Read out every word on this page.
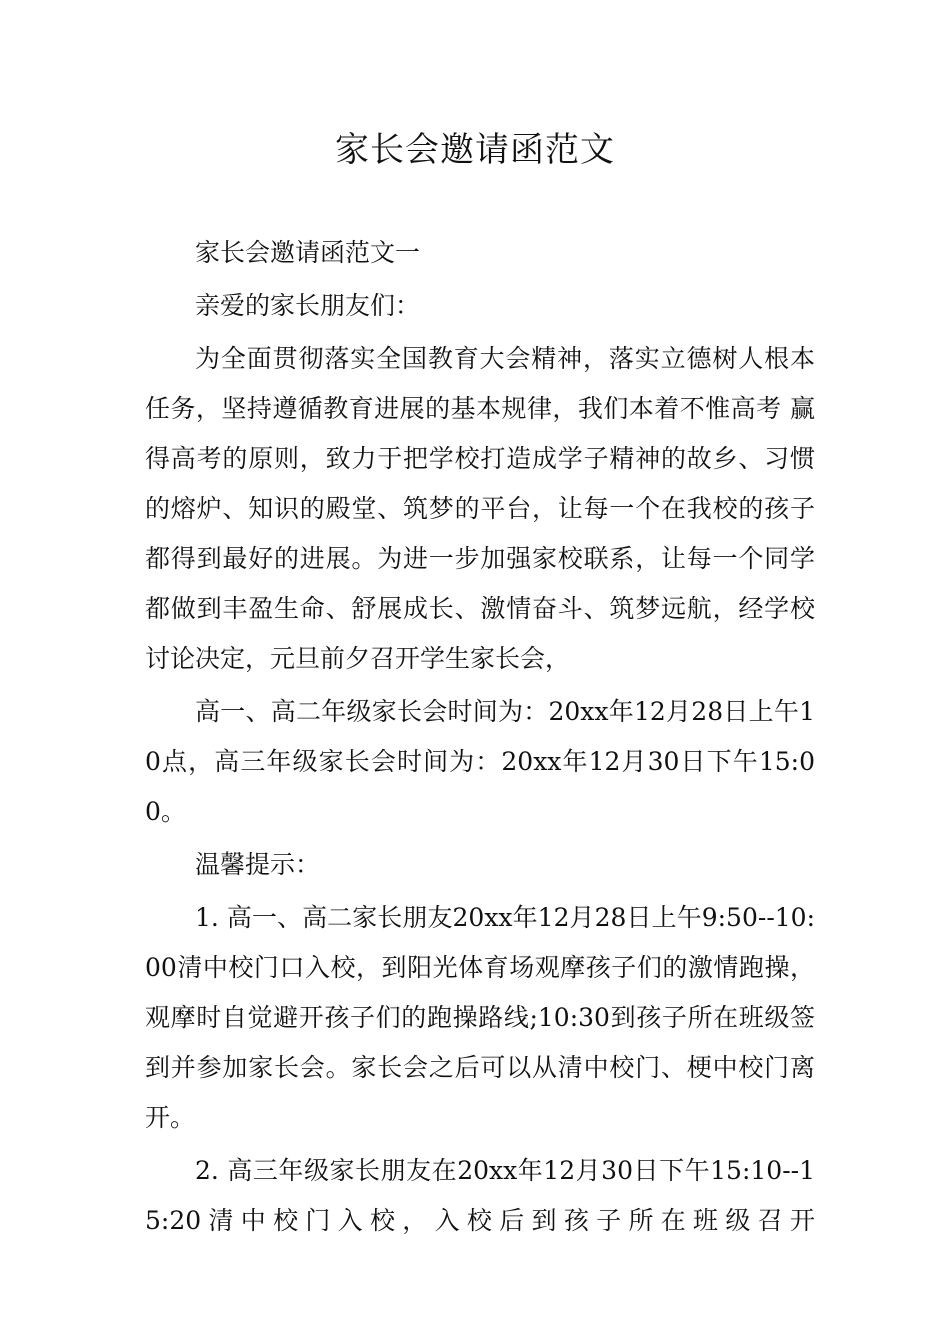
家长会邀请函范文

家长会邀请函范文一

亲爱的家长朋友们：

为全面贯彻落实全国教育大会精神，落实立德树人根本任务，坚持遵循教育进展的基本规律，我们本着不惟高考 赢得高考的原则，致力于把学校打造成学子精神的故乡、习惯的熔炉、知识的殿堂、筑梦的平台，让每一个在我校的孩子都得到最好的进展。为进一步加强家校联系，让每一个同学都做到丰盈生命、舒展成长、激情奋斗、筑梦远航，经学校讨论决定，元旦前夕召开学生家长会，

高一、高二年级家长会时间为：20xx年12月28日上午10点，高三年级家长会时间为：20xx年12月30日下午15:00。

温馨提示：

1. 高一、高二家长朋友20xx年12月28日上午9:50--10:00清中校门口入校，到阳光体育场观摩孩子们的激情跑操，观摩时自觉避开孩子们的跑操路线;10:30到孩子所在班级签到并参加家长会。家长会之后可以从清中校门、梗中校门离开。

2. 高三年级家长朋友在20xx年12月30日下午15:10--15:20清中校门入校，入校后到孩子所在班级召开
